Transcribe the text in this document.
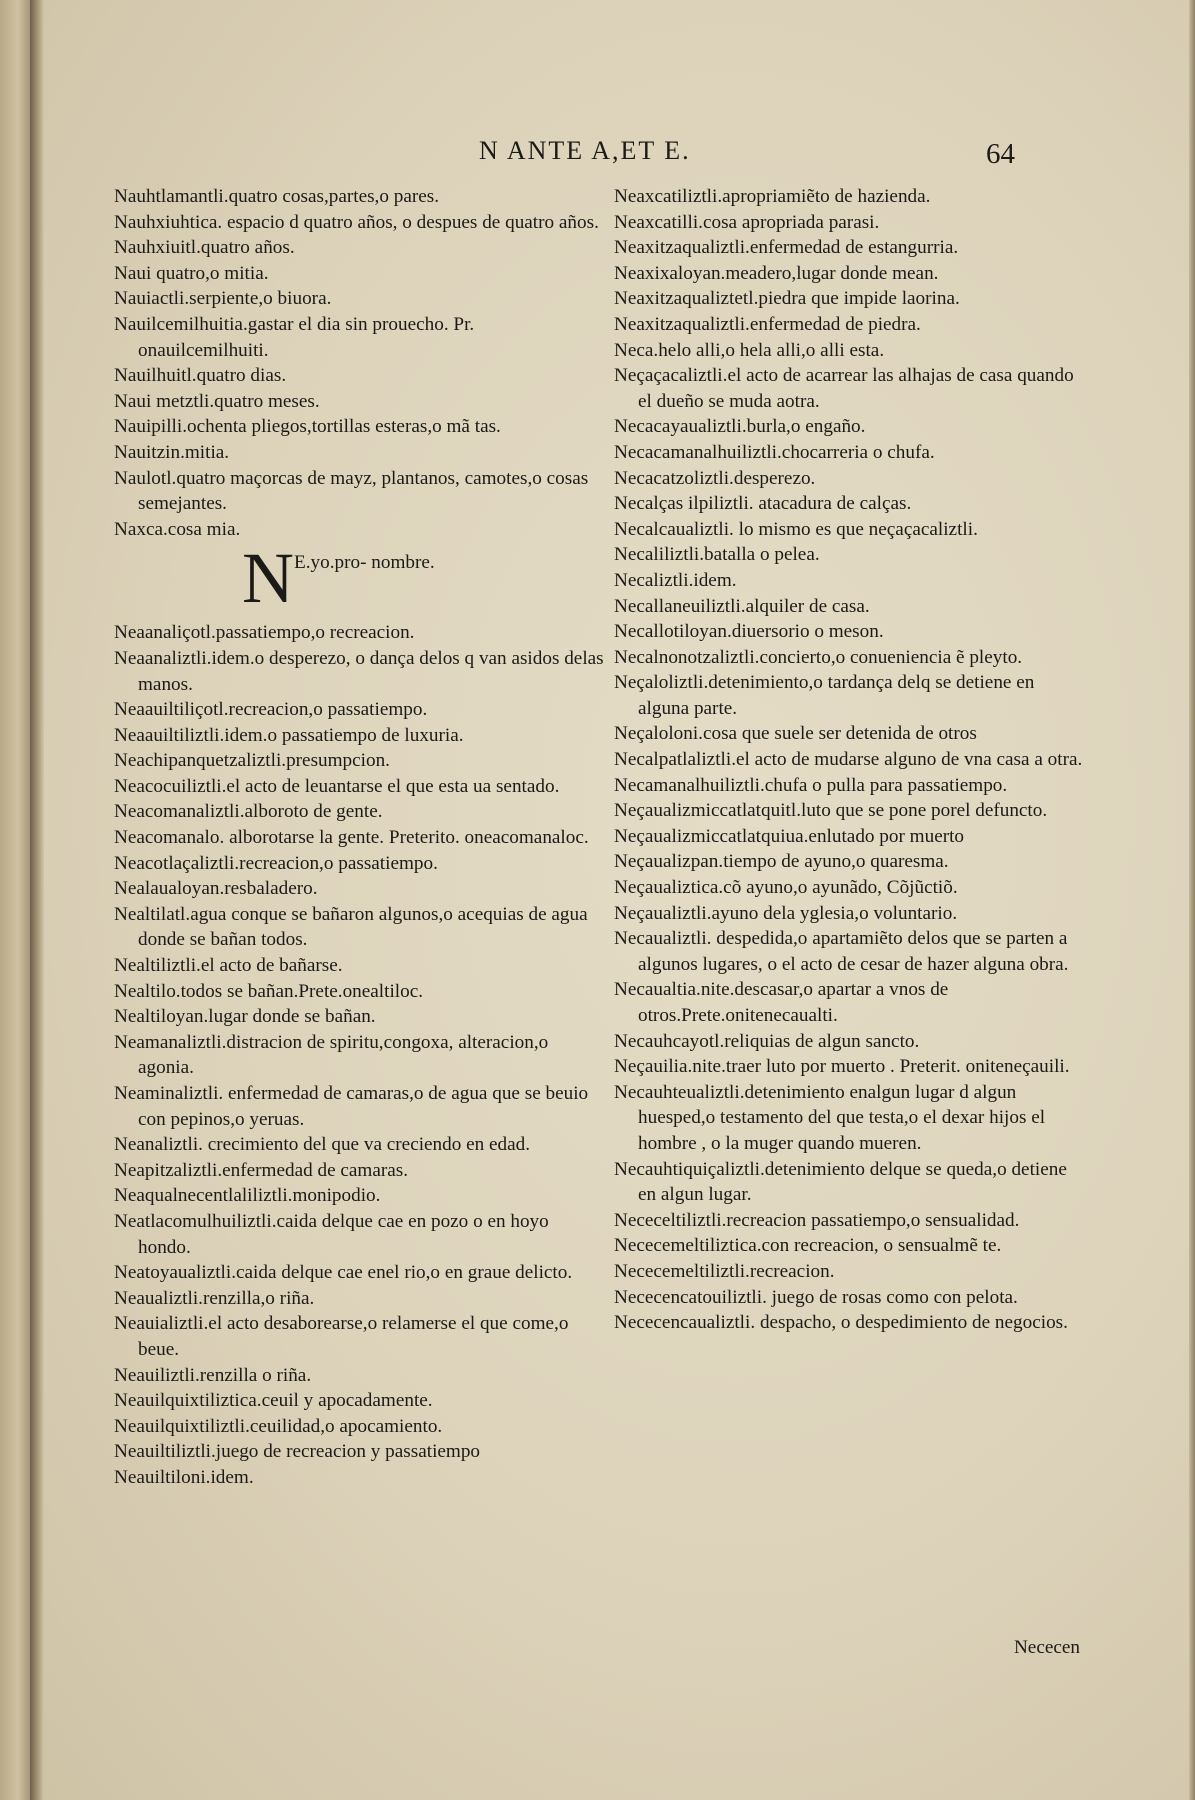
N ANTE A,ET E.	64
Nauhtlamantli.quatro cosas,partes,o pares.
Nauhxiuhtica. espacio d quatro años, o despues de quatro años.
Nauhxiuitl.quatro años.
Naui quatro,o mitia.
Nauiactli.serpiente,o biuora.
Nauilcemilhuitia.gastar el dia sin prouecho. Pr. onauilcemilhuiti.
Nauilhuitl.quatro dias.
Naui metztli.quatro meses.
Nauipilli.ochenta pliegos,tortillas esteras,o mã tas.
Nauitzin.mitia.
Naulotl.quatro maçorcas de mayz, plantanos, camotes,o cosas semejantes.
Naxca.cosa mia.
N E.yo.pro- nombre.
Neaanaliçotl.passatiempo,o recreacion.
Neaanaliztli.idem.o desperezo, o dança delos q van asidos delas manos.
Neaauiltiliçotl.recreacion,o passatiempo.
Neaauiltiliztli.idem.o passatiempo de luxuria.
Neachipanquetzaliztli.presumpcion.
Neacocuiliztli.el acto de leuantarse el que esta ua sentado.
Neacomanaliztli.alboroto de gente.
Neacomanalo. alborotarse la gente. Preterito. oneacomanaloc.
Neacotlaçaliztli.recreacion,o passatiempo.
Nealaualoyan.resbaladero.
Nealtilatl.agua conque se bañaron algunos,o acequias de agua donde se bañan todos.
Nealtiliztli.el acto de bañarse.
Nealtilo.todos se bañan.Prete.onealtiloc.
Nealtiloyan.lugar donde se bañan.
Neamanaliztli.distracion de spiritu,congoxa, alteracion,o agonia.
Neaminaliztli. enfermedad de camaras,o de agua que se beuio con pepinos,o yeruas.
Neanaliztli. crecimiento del que va creciendo en edad.
Neapitzaliztli.enfermedad de camaras.
Neaqualnecentlaliliztli.monipodio.
Neatlacomulhuiliztli.caida delque cae en pozo o en hoyo hondo.
Neatoyaualiztli.caida delque cae enel rio,o en graue delicto.
Neaualiztli.renzilla,o riña.
Neauializtli.el acto desaborearse,o relamerse el que come,o beue.
Neauiliztli.renzilla o riña.
Neauilquixtiliztica.ceuil y apocadamente.
Neauilquixtiliztli.ceuilidad,o apocamiento.
Neauiltiliztli.juego de recreacion y passatiempo
Neauiltiloni.idem.
Neaxcatiliztli.apropriamiẽto de hazienda.
Neaxcatilli.cosa apropriada parasi.
Neaxitzaqualiztli.enfermedad de estangurria.
Neaxixaloyan.meadero,lugar donde mean.
Neaxitzaqualiztetl.piedra que impide laorina.
Neaxitzaqualiztli.enfermedad de piedra.
Neca.helo alli,o hela alli,o alli esta.
Neçaçacaliztli.el acto de acarrear las alhajas de casa quando el dueño se muda aotra.
Necacayaualiztli.burla,o engaño.
Necacamanalhuiliztli.chocarreria o chufa.
Necacatzoliztli.desperezo.
Necalças ilpiliztli. atacadura de calças.
Necalcaualiztli. lo mismo es que neçaçacaliztli.
Necaliliztli.batalla o pelea.
Necaliztli.idem.
Necallaneuiliztli.alquiler de casa.
Necallotiloyan.diuersorio o meson.
Necalnonotzaliztli.concierto,o conueniencia ẽ pleyto.
Neçaloliztli.detenimiento,o tardança delq se detiene en alguna parte.
Neçaloloni.cosa que suele ser detenida de otros
Necalpatlaliztli.el acto de mudarse alguno de vna casa a otra.
Necamanalhuiliztli.chufa o pulla para passatiempo.
Neçaualizmiccatlatquitl.luto que se pone porel defuncto.
Neçaualizmiccatlatquiua.enlutado por muerto
Neçaualizpan.tiempo de ayuno,o quaresma.
Neçaualiztica.cõ ayuno,o ayunãdo, Cõjũctiõ.
Neçaualiztli.ayuno dela yglesia,o voluntario.
Necaualiztli. despedida,o apartamiẽto delos que se parten a algunos lugares, o el acto de cesar de hazer alguna obra.
Necaualtia.nite.descasar,o apartar a vnos de otros.Prete.onitenecaualti.
Necauhcayotl.reliquias de algun sancto.
Neçauilia.nite.traer luto por muerto . Preterit. oniteneçauili.
Necauhteualiztli.detenimiento enalgun lugar d algun huesped,o testamento del que testa,o el dexar hijos el hombre , o la muger quando mueren.
Necauhtiquiçaliztli.detenimiento delque se queda,o detiene en algun lugar.
Nececeltiliztli.recreacion passatiempo,o sensualidad.
Nececemeltiliztica.con recreacion, o sensualmẽ te.
Nececemeltiliztli.recreacion.
Nececencatouiliztli. juego de rosas como con pelota.
Nececencaualiztli. despacho, o despedimiento de negocios.
Nececen
